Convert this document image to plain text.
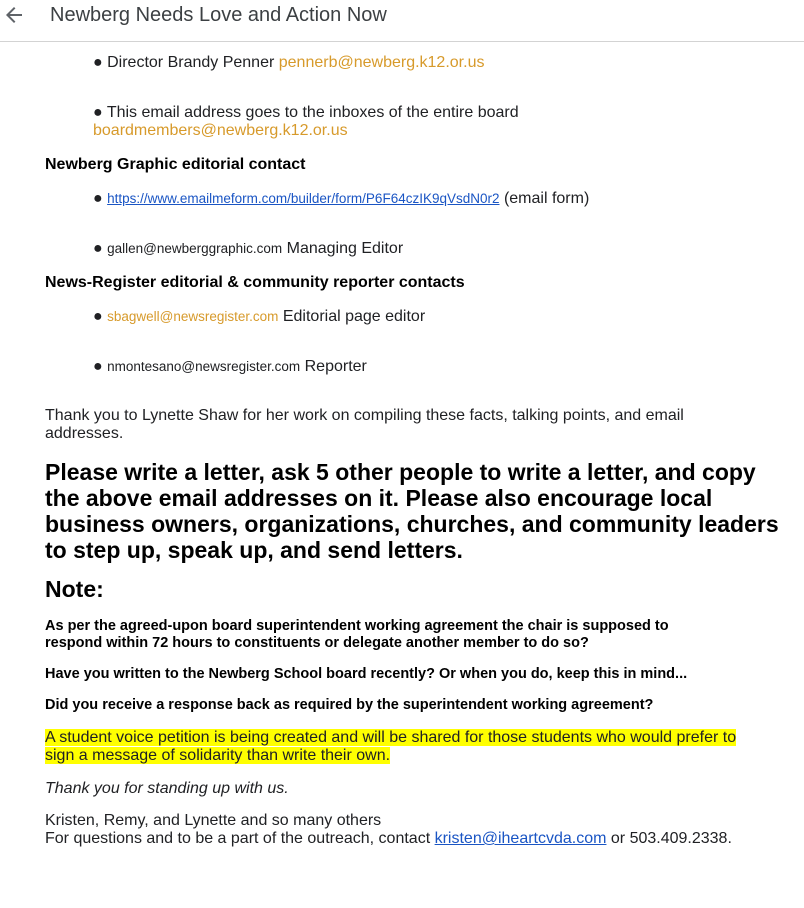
Newberg Needs Love and Action Now
● Director Brandy Penner pennerb@newberg.k12.or.us
● This email address goes to the inboxes of the entire board
boardmembers@newberg.k12.or.us
Newberg Graphic editorial contact
● https://www.emailmeform.com/builder/form/P6F64czIK9qVsdN0r2 (email form)
● gallen@newberggraphic.com Managing Editor
News-Register editorial & community reporter contacts
● sbagwell@newsregister.com Editorial page editor
● nmontesano@newsregister.com Reporter
Thank you to Lynette Shaw for her work on compiling these facts, talking points, and email
addresses.
Please write a letter, ask 5 other people to write a letter, and copy the above email addresses on it. Please also encourage local business owners, organizations, churches, and community leaders to step up, speak up, and send letters.
Note:
As per the agreed-upon board superintendent working agreement the chair is supposed to
respond within 72 hours to constituents or delegate another member to do so?
Have you written to the Newberg School board recently? Or when you do, keep this in mind...
Did you receive a response back as required by the superintendent working agreement?
A student voice petition is being created and will be shared for those students who would prefer to
sign a message of solidarity than write their own.
Thank you for standing up with us.
Kristen, Remy, and Lynette and so many others
For questions and to be a part of the outreach, contact kristen@iheartcvda.com or 503.409.2338.
